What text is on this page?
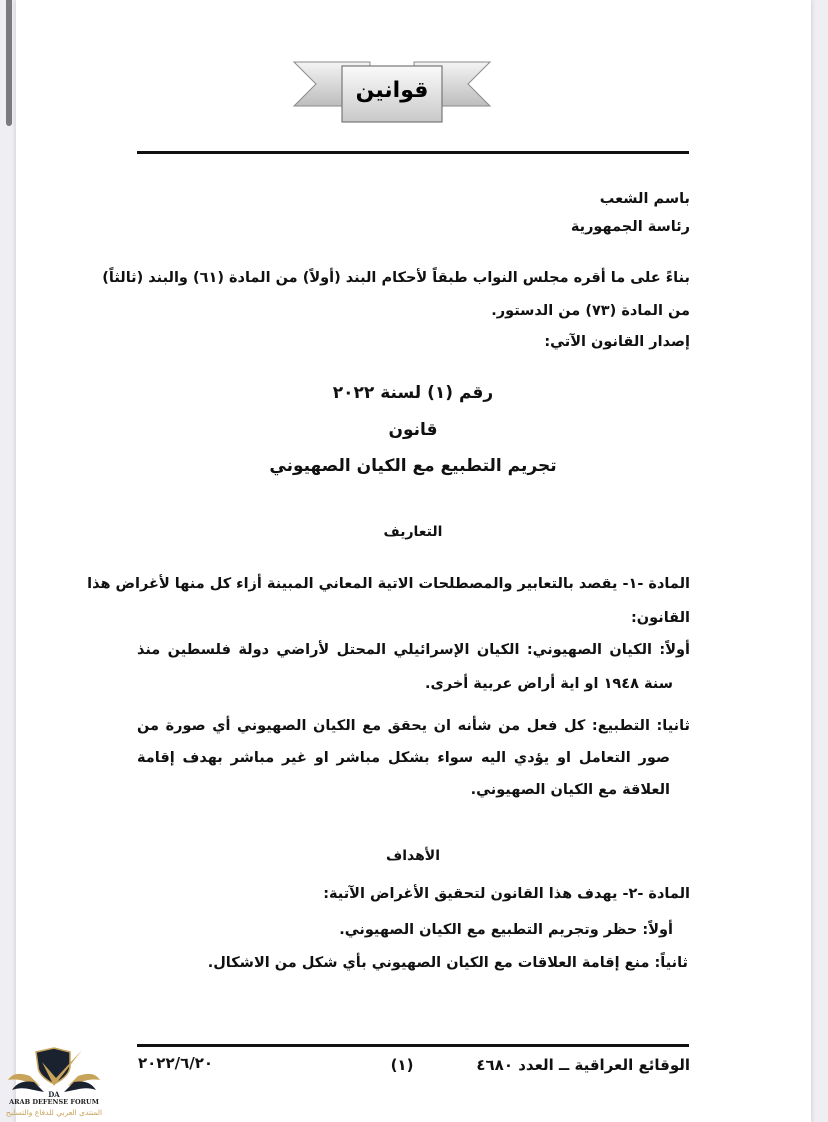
قوانين
باسم الشعب
رئاسة الجمهورية
بناءً على ما أقره مجلس النواب طبقاً لأحكام البند (أولاً) من المادة (٦١) والبند (ثالثاً)
من المادة (٧٣) من الدستور.
إصدار القانون الآتي:
رقم (١) لسنة ٢٠٢٢
قانون
تجريم التطبيع مع الكيان الصهيوني
التعاريف
المادة -١- يقصد بالتعابير والمصطلحات الاتية المعاني المبينة أزاء كل منها لأغراض هذا
القانون:
أولاً: الكيان الصهيوني: الكيان الإسرائيلي المحتل لأراضي دولة فلسطين منذ
سنة ١٩٤٨ او اية أراض عربية أخرى.
ثانيا: التطبيع: كل فعل من شأنه ان يحقق مع الكيان الصهيوني أي صورة من
صور التعامل او يؤدي اليه سواء بشكل مباشر او غير مباشر بهدف إقامة
العلاقة مع الكيان الصهيوني.
الأهداف
المادة -٢- يهدف هذا القانون لتحقيق الأغراض الآتية:
أولاً: حظر وتجريم التطبيع مع الكيان الصهيوني.
ثانياً: منع إقامة العلاقات مع الكيان الصهيوني بأي شكل من الاشكال.
الوقائع العراقية ــ العدد ٤٦٨٠
(١)
٢٠٢٢/٦/٢٠
DA
ARAB DEFENSE FORUM
المنتدى العربي للدفاع والتسليح
